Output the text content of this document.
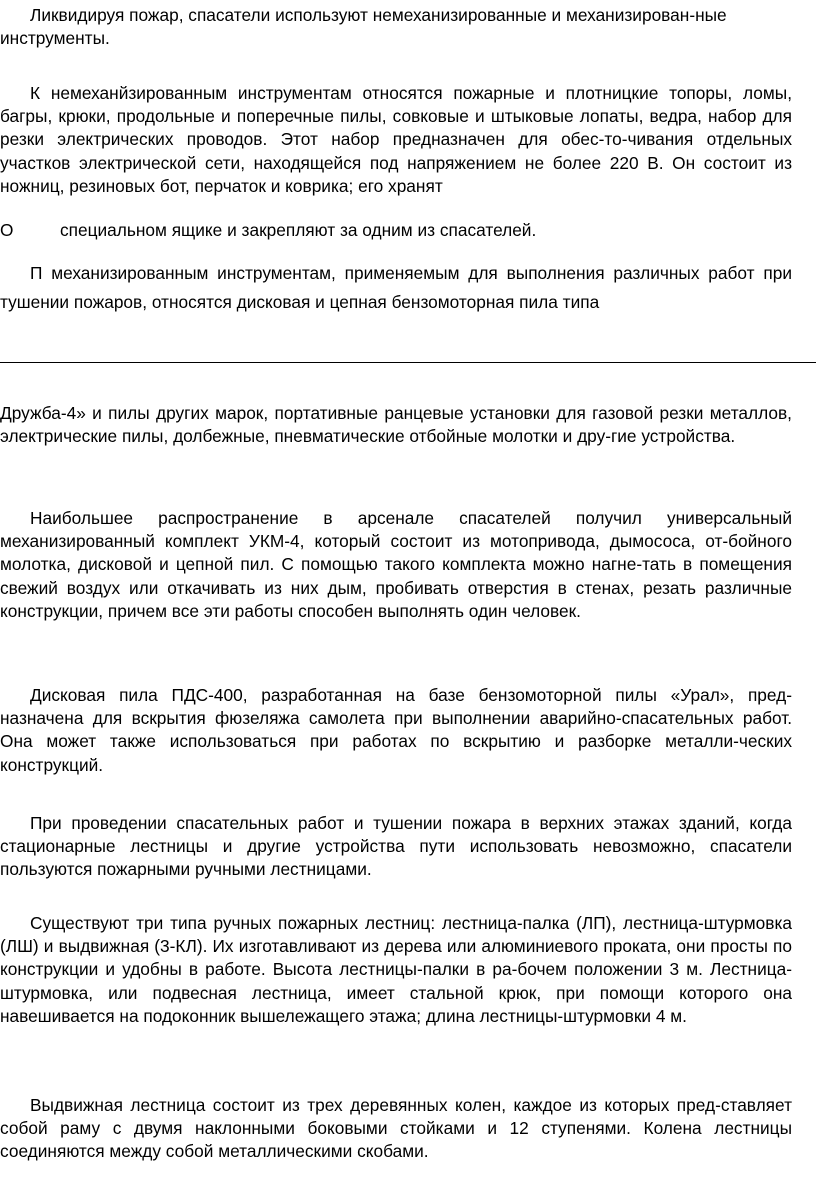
Ликвидируя пожар, спасатели используют немеханизированные и механизирован-ные инструменты.

К немеханйзированным инструментам относятся пожарные и плотницкие топоры, ломы, багры, крюки, продольные и поперечные пилы, совковые и штыковые лопаты, ведра, набор для резки электрических проводов. Этот набор предназначен для обес-то-чивания отдельных участков электрической сети, находящейся под напряжением не более 220 В. Он состоит из ножниц, резиновых бот, перчаток и коврика; его хранят

О	специальном ящике и закрепляют за одним из спасателей.

П механизированным инструментам, применяемым для выполнения различных работ при тушении пожаров, относятся дисковая и цепная бензомоторная пила типа

Дружба-4» и пилы других марок, портативные ранцевые установки для газовой резки металлов, электрические пилы, долбежные, пневматические отбойные молотки и дру-гие устройства.

Наибольшее распространение в арсенале спасателей получил универсальный механизированный комплект УКМ-4, который состоит из мотопривода, дымососа, от-бойного молотка, дисковой и цепной пил. С помощью такого комплекта можно нагне-тать в помещения свежий воздух или откачивать из них дым, пробивать отверстия в стенах, резать различные конструкции, причем все эти работы способен выполнять один человек.

Дисковая пила ПДС-400, разработанная на базе бензомоторной пилы «Урал», пред-назначена для вскрытия фюзеляжа самолета при выполнении аварийно-спасательных работ. Она может также использоваться при работах по вскрытию и разборке металли-ческих конструкций.

При проведении спасательных работ и тушении пожара в верхних этажах зданий, когда стационарные лестницы и другие устройства пути использовать невозможно, спасатели пользуются пожарными ручными лестницами.

Существуют три типа ручных пожарных лестниц: лестница-палка (ЛП), лестница-штурмовка (ЛШ) и выдвижная (3-КЛ). Их изготавливают из дерева или алюминиевого проката, они просты по конструкции и удобны в работе. Высота лестницы-палки в ра-бочем положении 3 м. Лестница-штурмовка, или подвесная лестница, имеет стальной крюк, при помощи которого она навешивается на подоконник вышележащего этажа; длина лестницы-штурмовки 4 м.

Выдвижная лестница состоит из трех деревянных колен, каждое из которых пред-ставляет собой раму с двумя наклонными боковыми стойками и 12 ступенями. Колена лестницы соединяются между собой металлическими скобами.
